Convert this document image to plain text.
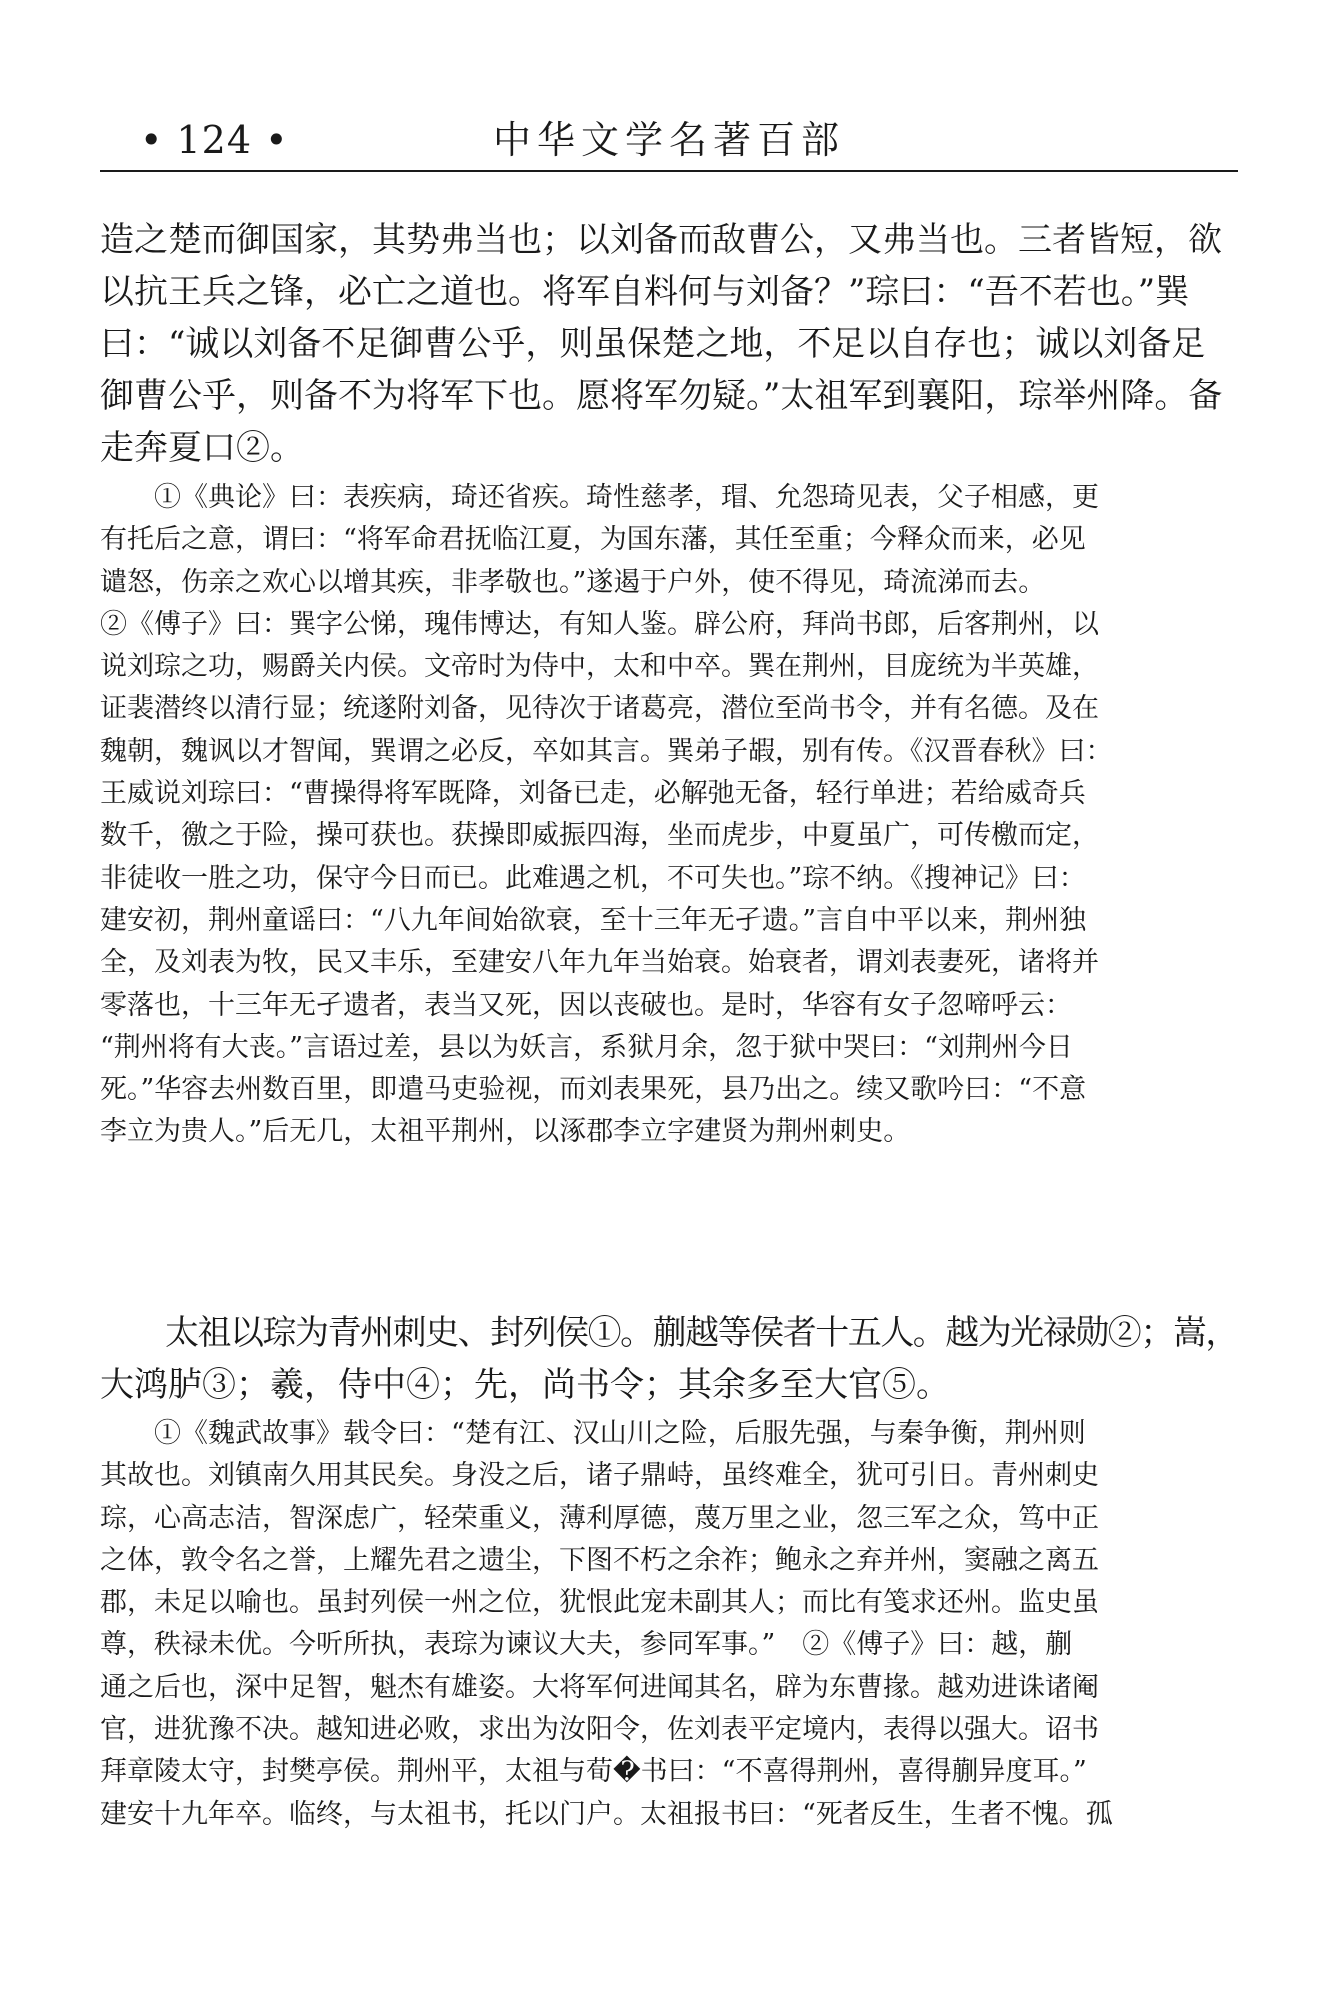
中华文学名著百部
• 124 •
造之楚而御国家，其势弗当也；以刘备而敌曹公，又弗当也。三者皆短，欲
以抗王兵之锋，必亡之道也。将军自料何与刘备？”琮曰：“吾不若也。”巽
曰：“诚以刘备不足御曹公乎，则虽保楚之地，不足以自存也；诚以刘备足
御曹公乎，则备不为将军下也。愿将军勿疑。”太祖军到襄阳，琮举州降。备
走奔夏口②。
　　①《典论》曰：表疾病，琦还省疾。琦性慈孝，瑁、允怨琦见表，父子相感，更
有托后之意，谓曰：“将军命君抚临江夏，为国东藩，其任至重；今释众而来，必见
谴怒，伤亲之欢心以增其疾，非孝敬也。”遂遏于户外，使不得见，琦流涕而去。
②《傅子》曰：巽字公悌，瑰伟博达，有知人鉴。辟公府，拜尚书郎，后客荆州，以
说刘琮之功，赐爵关内侯。文帝时为侍中，太和中卒。巽在荆州，目庞统为半英雄，
证裴潜终以清行显；统遂附刘备，见待次于诸葛亮，潜位至尚书令，并有名德。及在
魏朝，魏讽以才智闻，巽谓之必反，卒如其言。巽弟子嘏，别有传。《汉晋春秋》曰：
王威说刘琮曰：“曹操得将军既降，刘备已走，必解弛无备，轻行单进；若给威奇兵
数千，徼之于险，操可获也。获操即威振四海，坐而虎步，中夏虽广，可传檄而定，
非徒收一胜之功，保守今日而已。此难遇之机，不可失也。”琮不纳。《搜神记》曰：
建安初，荆州童谣曰：“八九年间始欲衰，至十三年无孑遗。”言自中平以来，荆州独
全，及刘表为牧，民又丰乐，至建安八年九年当始衰。始衰者，谓刘表妻死，诸将并
零落也，十三年无孑遗者，表当又死，因以丧破也。是时，华容有女子忽啼呼云：
“荆州将有大丧。”言语过差，县以为妖言，系狱月余，忽于狱中哭曰：“刘荆州今日
死。”华容去州数百里，即遣马吏验视，而刘表果死，县乃出之。续又歌吟曰：“不意
李立为贵人。”后无几，太祖平荆州，以涿郡李立字建贤为荆州刺史。
　　太祖以琮为青州刺史、封列侯①。蒯越等侯者十五人。越为光禄勋②；嵩，
大鸿胪③；羲，侍中④；先，尚书令；其余多至大官⑤。
　　①《魏武故事》载令曰：“楚有江、汉山川之险，后服先强，与秦争衡，荆州则
其故也。刘镇南久用其民矣。身没之后，诸子鼎峙，虽终难全，犹可引日。青州刺史
琮，心高志洁，智深虑广，轻荣重义，薄利厚德，蔑万里之业，忽三军之众，笃中正
之体，敦令名之誉，上耀先君之遗尘，下图不朽之余祚；鲍永之弃并州，窦融之离五
郡，未足以喻也。虽封列侯一州之位，犹恨此宠未副其人；而比有笺求还州。监史虽
尊，秩禄未优。今听所执，表琮为谏议大夫，参同军事。”　②《傅子》曰：越，蒯
通之后也，深中足智，魁杰有雄姿。大将军何进闻其名，辟为东曹掾。越劝进诛诸阉
官，进犹豫不决。越知进必败，求出为汝阳令，佐刘表平定境内，表得以强大。诏书
拜章陵太守，封樊亭侯。荆州平，太祖与荀�书曰：“不喜得荆州，喜得蒯异度耳。”
建安十九年卒。临终，与太祖书，托以门户。太祖报书曰：“死者反生，生者不愧。孤
